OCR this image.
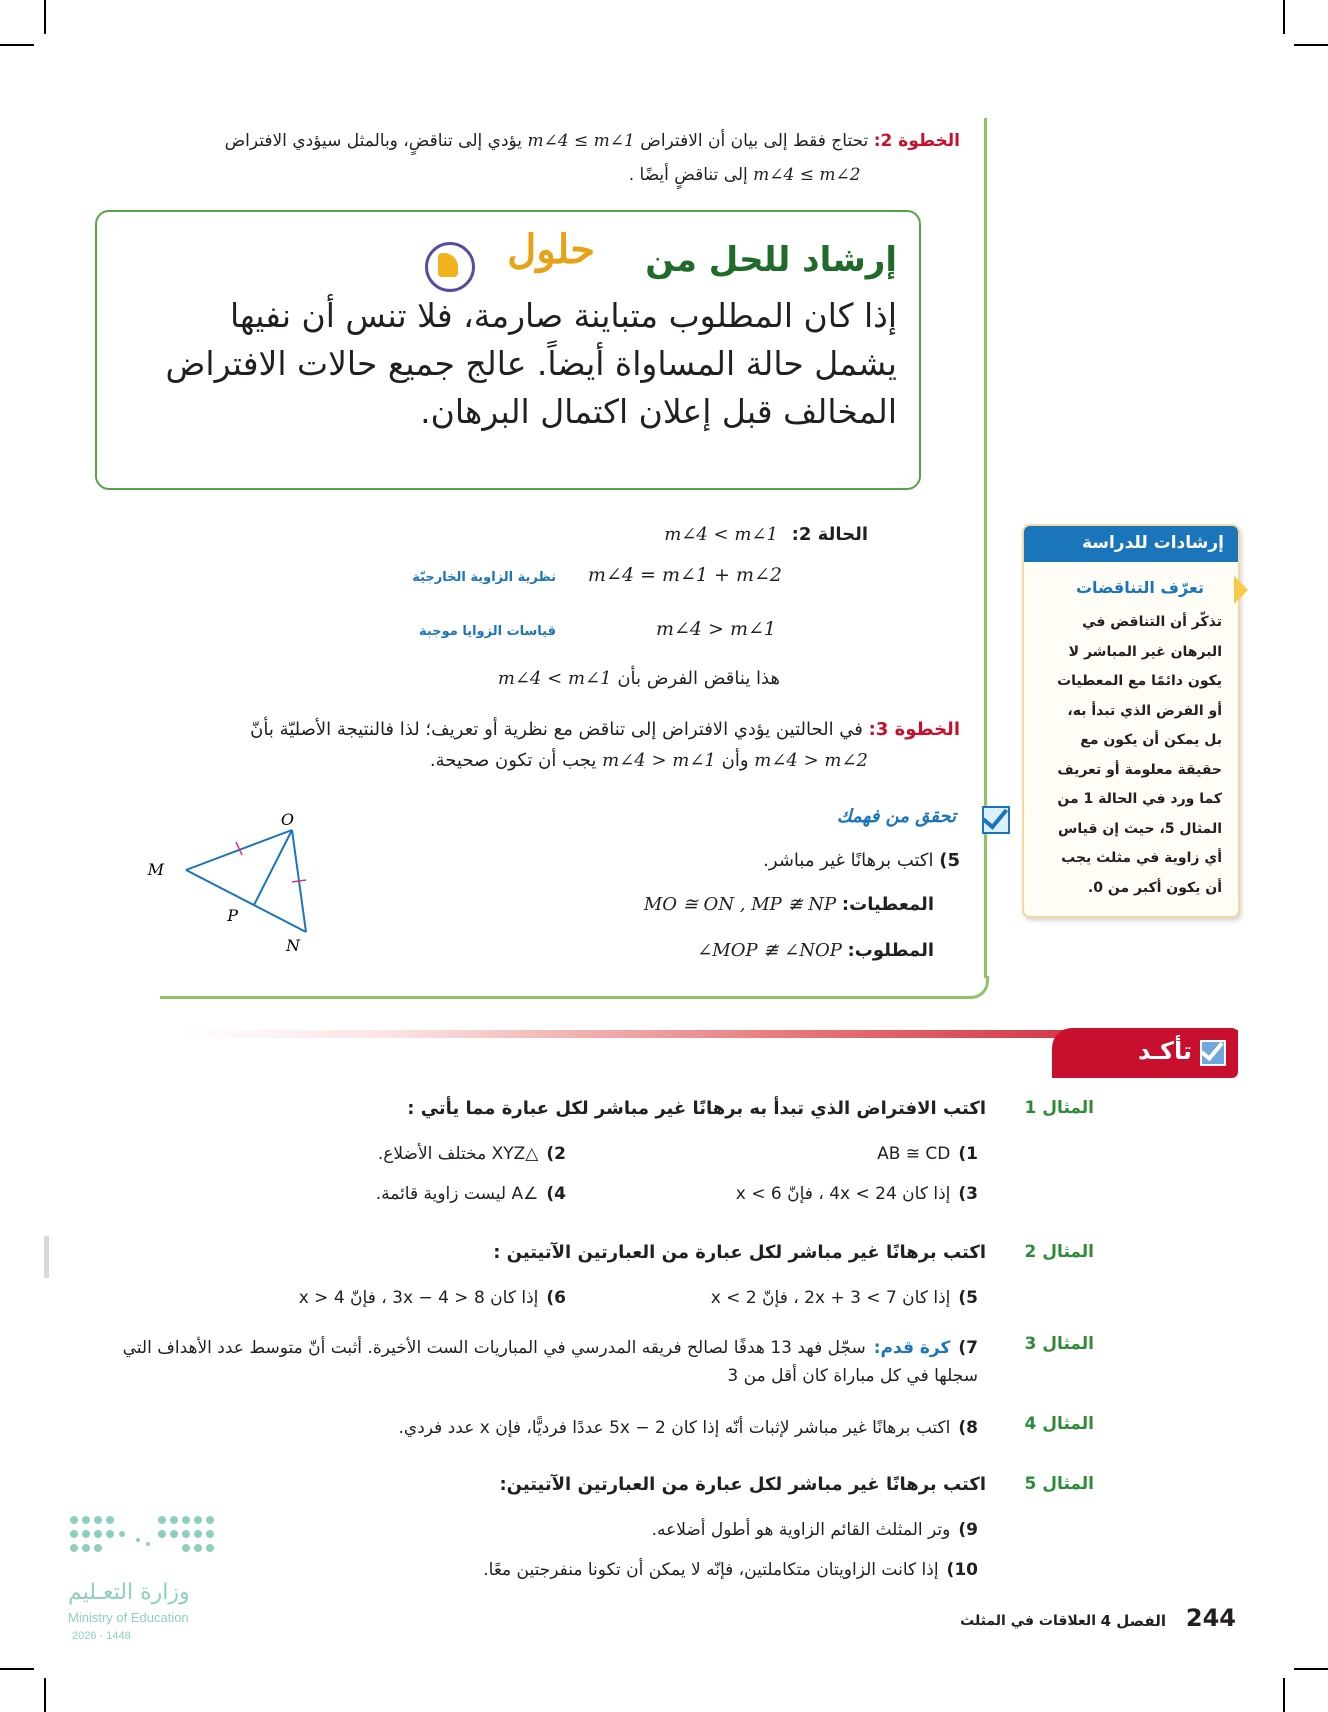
الخطوة 2: تحتاج فقط إلى بيان أن الافتراض m∠4 ≤ m∠1 يؤدي إلى تناقضٍ، وبالمثل سيؤدي الافتراض
m∠4 ≤ m∠2 إلى تناقضٍ أيضًا .
إرشاد للحل من
حلول
إذا كان المطلوب متباينة صارمة، فلا تنس أن نفيها يشمل حالة المساواة أيضاً. عالج جميع حالات الافتراض المخالف قبل إعلان اكتمال البرهان.
الحالة 2: m∠4 < m∠1
m∠4 = m∠1 + m∠2
نظرية الزاوية الخارجيّة
m∠4 > m∠1
قياسات الزوايا موجبة
هذا يناقض الفرض بأن m∠4 < m∠1
الخطوة 3: في الحالتين يؤدي الافتراض إلى تناقض مع نظرية أو تعريف؛ لذا فالنتيجة الأصليّة بأنّ
m∠4 > m∠2 وأن m∠4 > m∠1 يجب أن تكون صحيحة.
إرشادات للدراسة
تعرّف التناقضات
تذكّر أن التناقض في
البرهان غير المباشر لا
يكون دائمًا مع المعطيات
أو الفرض الذي تبدأ به،
بل يمكن أن يكون مع
حقيقة معلومة أو تعريف
كما ورد في الحالة 1 من
المثال 5، حيث إن قياس
أي زاوية في مثلث يجب
أن يكون أكبر من 0.
تحقق من فهمك
5) اكتب برهانًا غير مباشر.
المعطيات: MO ≅ ON , MP ≇ NP
المطلوب: ∠MOP ≇ ∠NOP
O
M
P
N
تأكـد
المثال 1
اكتب الافتراض الذي تبدأ به برهانًا غير مباشر لكل عبارة مما يأتي :
1)AB ≅ CD
2)△XYZ مختلف الأضلاع.
3)إذا كان 4x < 24 ، فإنّ x < 6
4)∠A ليست زاوية قائمة.
المثال 2
اكتب برهانًا غير مباشر لكل عبارة من العبارتين الآتيتين :
5)إذا كان 2x + 3 < 7 ، فإنّ x < 2
6)إذا كان 3x − 4 > 8 ، فإنّ x > 4
المثال 3
7)كرة قدم:سجّل فهد 13 هدفًا لصالح فريقه المدرسي في المباريات الست الأخيرة. أثبت أنّ متوسط عدد الأهداف التي سجلها في كل مباراة كان أقل من 3
المثال 4
8)اكتب برهانًا غير مباشر لإثبات أنّه إذا كان 5x − 2 عددًا فرديًّا، فإن x عدد فردي.
المثال 5
اكتب برهانًا غير مباشر لكل عبارة من العبارتين الآتيتين:
9)وتر المثلث القائم الزاوية هو أطول أضلاعه.
10)إذا كانت الزاويتان متكاملتين، فإنّه لا يمكن أن تكونا منفرجتين معًا.
وزارة التعـليم
Ministry of Education
2026 - 1448
244
الفصل 4
العلاقات في المثلث
